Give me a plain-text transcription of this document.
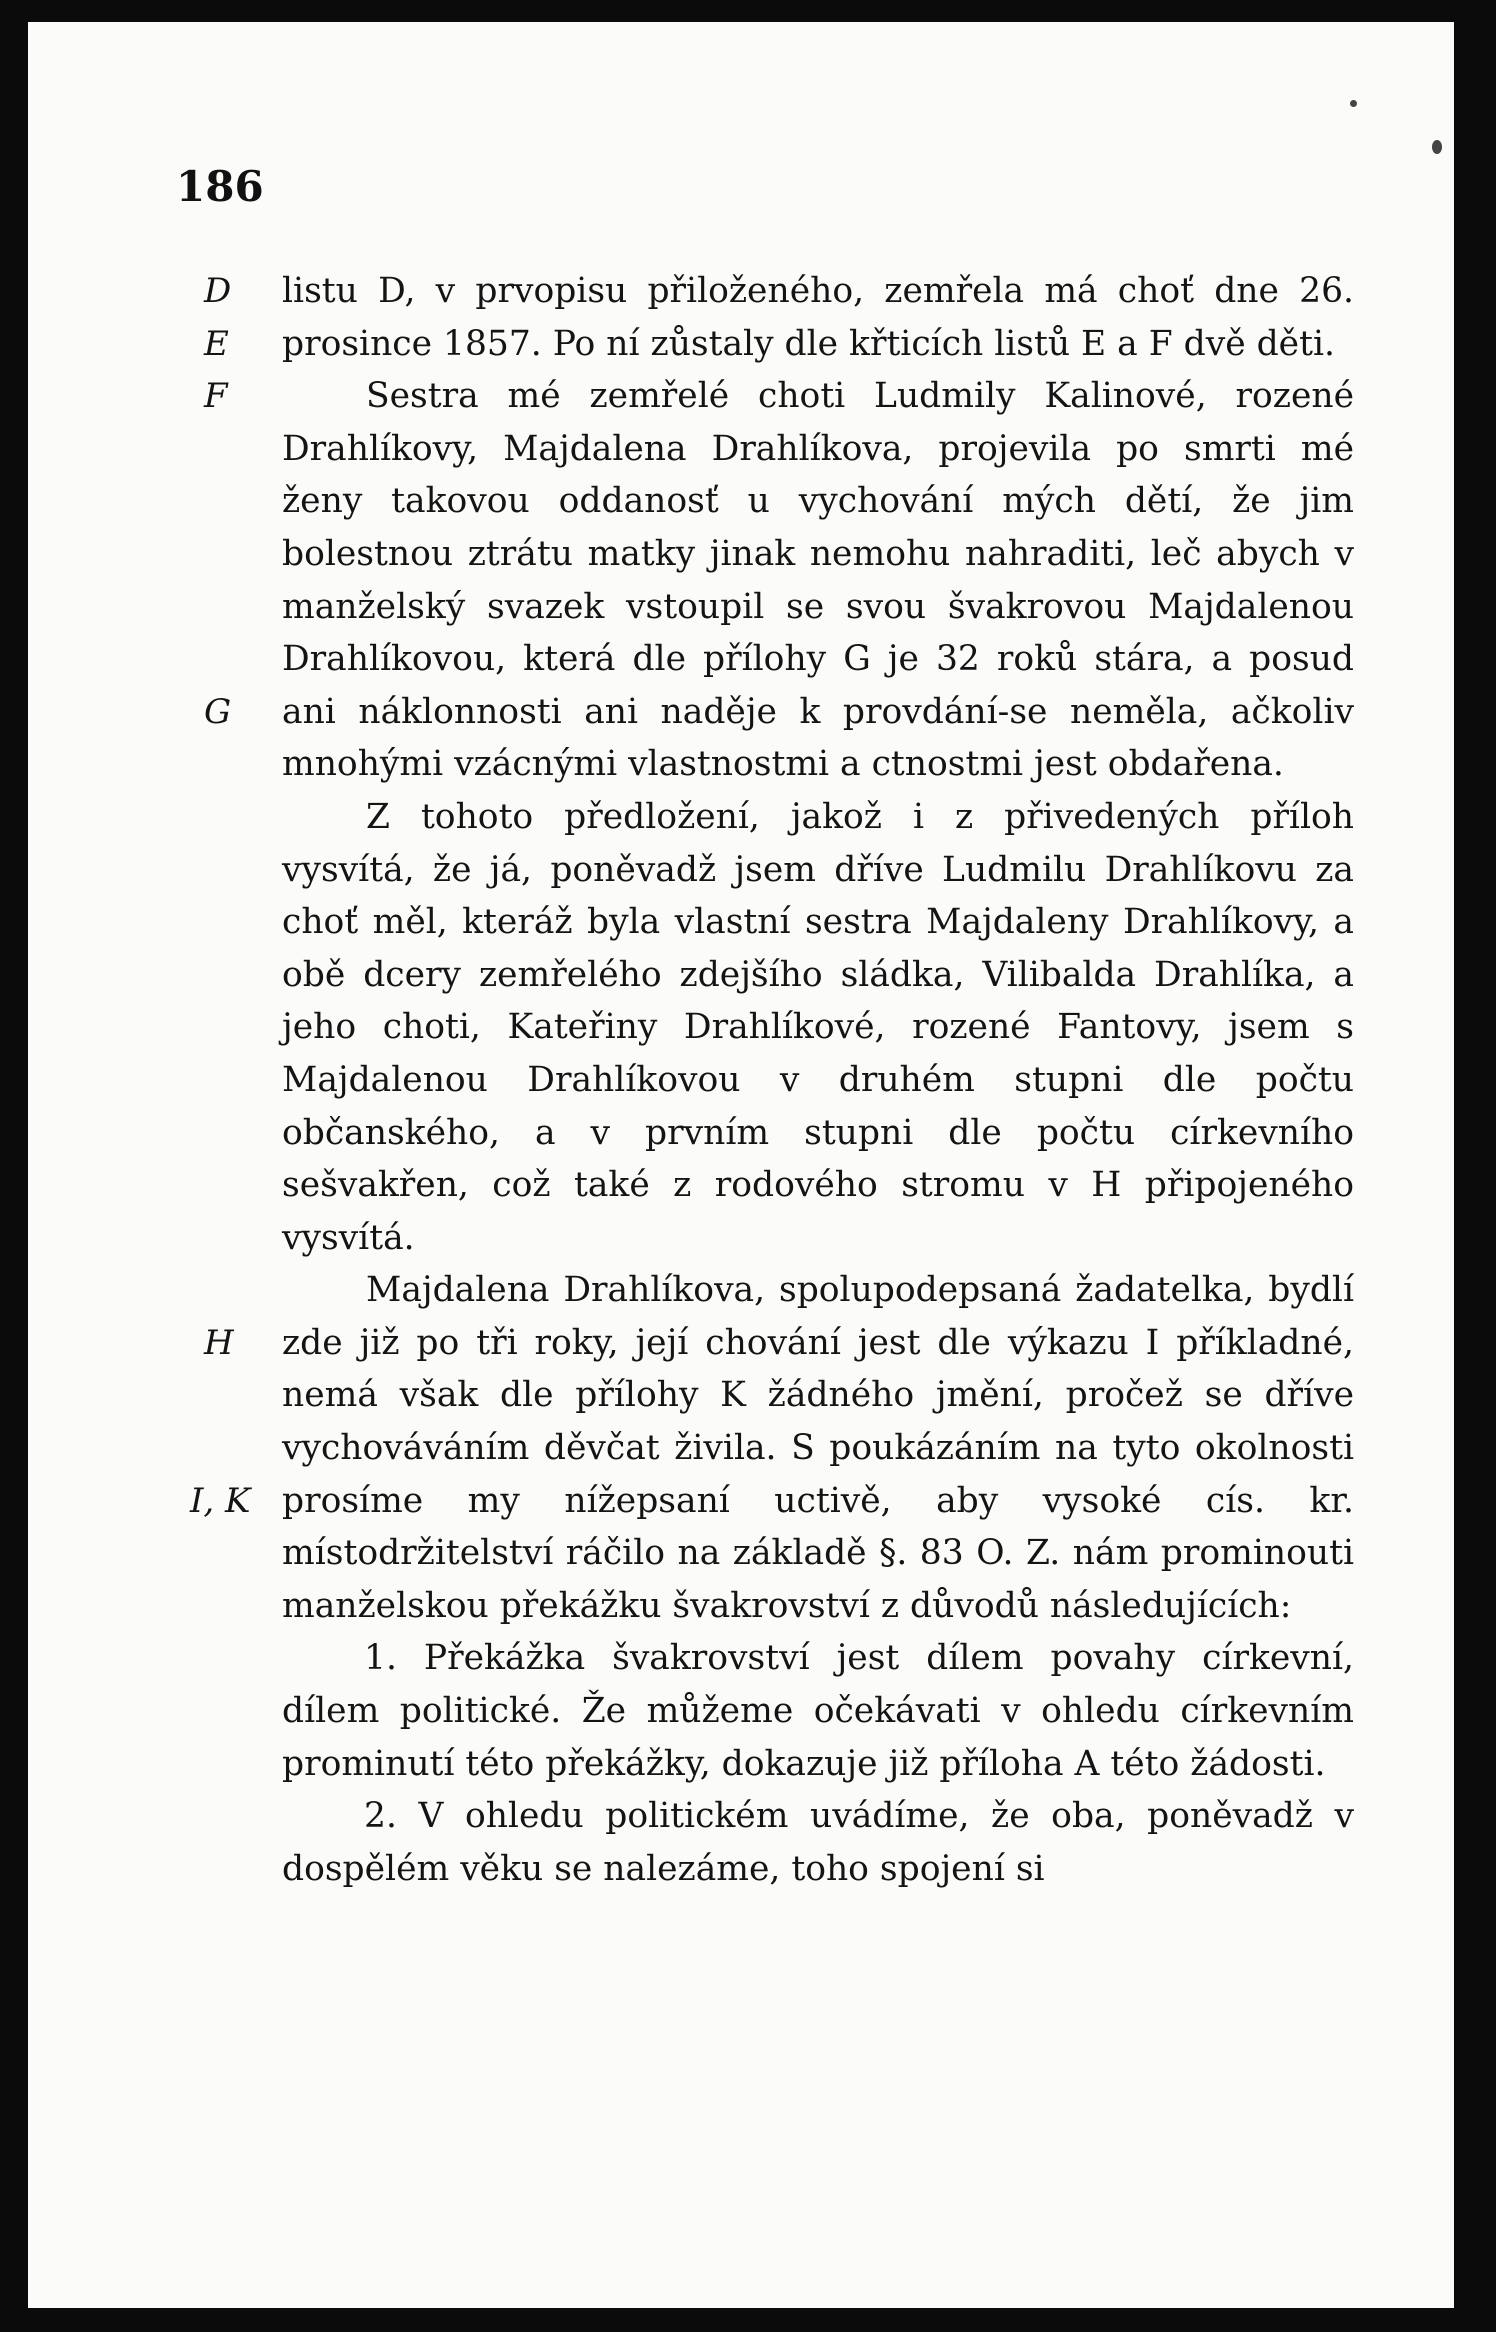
186
D
E
F
G
H
I, K

listu D, v prvopisu přiloženého, zemřela má choť dne 26. prosince 1857. Po ní zůstaly dle křticích listů E a F dvě děti.

Sestra mé zemřelé choti Ludmily Kalinové, rozené Drahlíkovy, Majdalena Drahlíkova, projevila po smrti mé ženy takovou oddanosť u vychování mých dětí, že jim bolestnou ztrátu matky jinak nemohu nahraditi, leč abych v manželský svazek vstoupil se svou švakrovou Majdalenou Drahlíkovou, která dle přílohy G je 32 roků stára, a posud ani náklonnosti ani naděje k provdání-se neměla, ačkoliv mnohými vzácnými vlastnostmi a ctnostmi jest obdařena.

Z tohoto předložení, jakož i z přivedených příloh vysvítá, že já, poněvadž jsem dříve Ludmilu Drahlíkovu za choť měl, kteráž byla vlastní sestra Majdaleny Drahlíkovy, a obě dcery zemřelého zdejšího sládka, Vilibalda Drahlíka, a jeho choti, Kateřiny Drahlíkové, rozené Fantovy, jsem s Majdalenou Drahlíkovou v druhém stupni dle počtu občanského, a v prvním stupni dle počtu církevního sešvakřen, což také z rodového stromu v H připojeného vysvítá.

Majdalena Drahlíkova, spolupodepsaná žadatelka, bydlí zde již po tři roky, její chování jest dle výkazu I příkladné, nemá však dle přílohy K žádného jmění, pročež se dříve vychováváním děvčat živila. S poukázáním na tyto okolnosti prosíme my nížepsaní uctivě, aby vysoké cís. kr. místodržitelství ráčilo na základě §. 83 O. Z. nám prominouti manželskou překážku švakrovství z důvodů následujících:

1. Překážka švakrovství jest dílem povahy církevní, dílem politické. Že můžeme očekávati v ohledu církevním prominutí této překážky, dokazuje již příloha A této žádosti.

2. V ohledu politickém uvádíme, že oba, poněvadž v dospělém věku se nalezáme, toho spojení si
